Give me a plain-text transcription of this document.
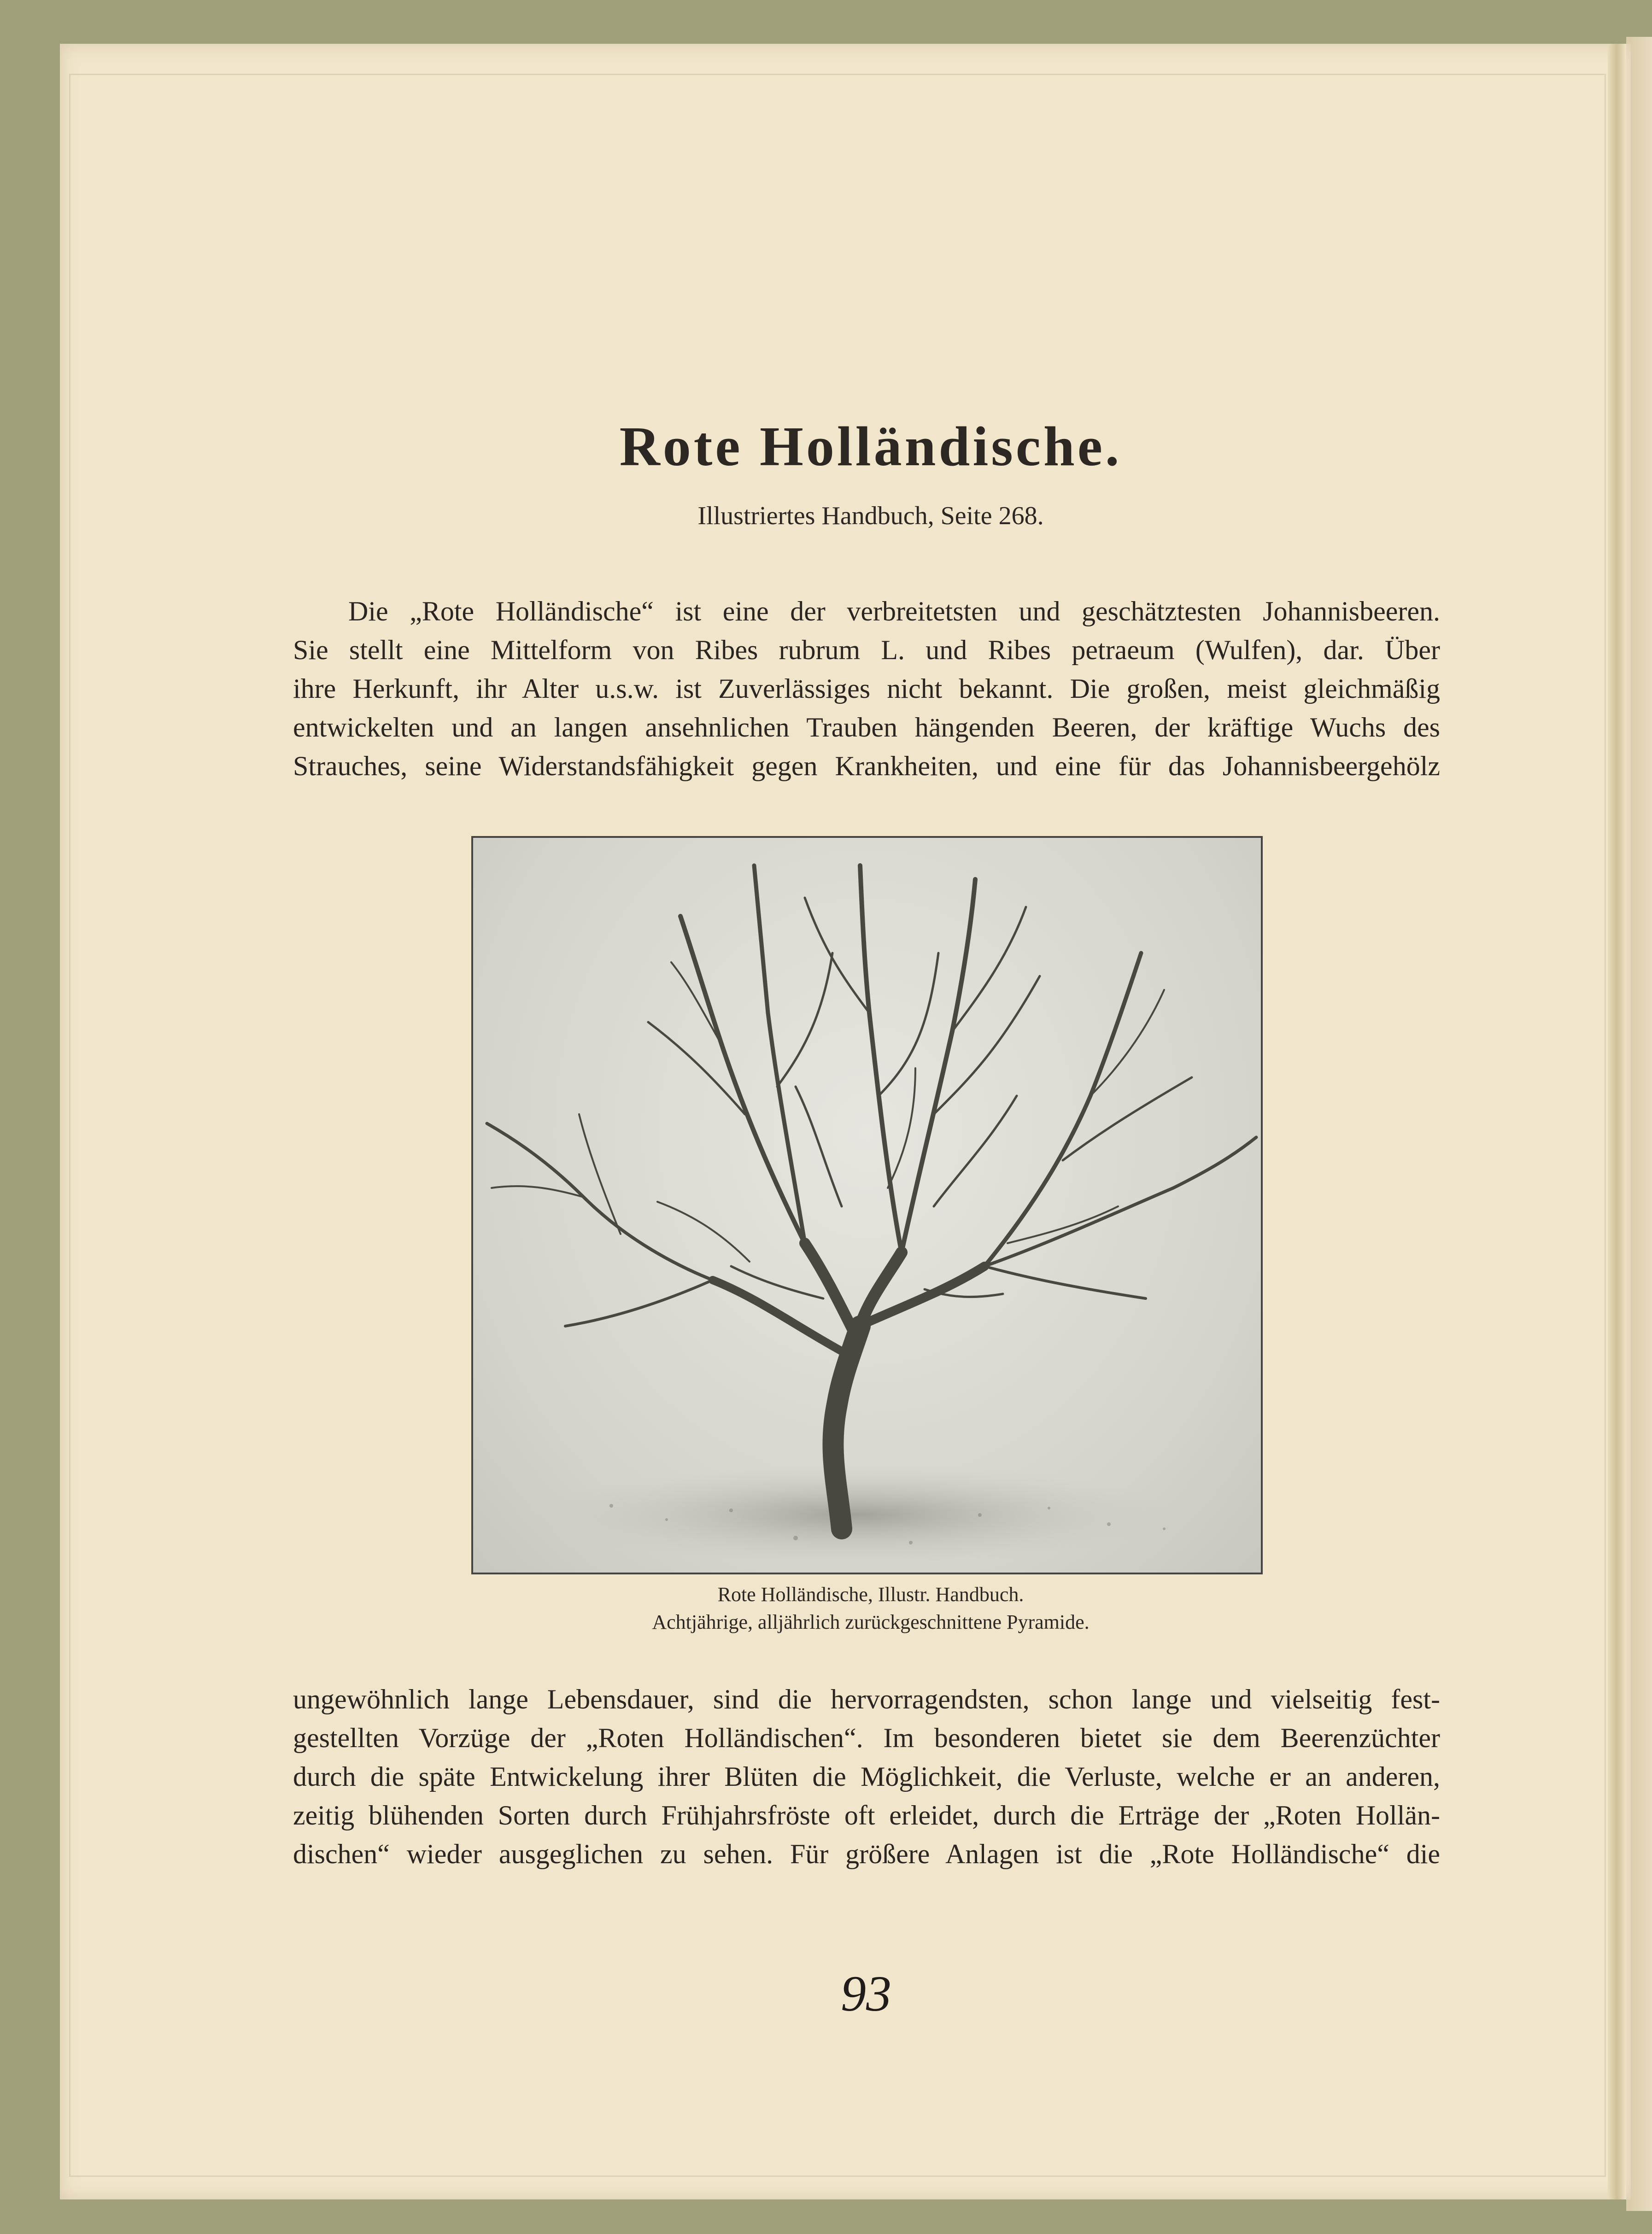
Rote Holländische.
Illustriertes Handbuch, Seite 268.
Die „Rote Holländische“ ist eine der verbreitetsten und geschätztesten Johannisbeeren.
Sie stellt eine Mittelform von Ribes rubrum L. und Ribes petraeum (Wulfen), dar. Über
ihre Herkunft, ihr Alter u.s.w. ist Zuverlässiges nicht bekannt. Die großen, meist gleichmäßig
entwickelten und an langen ansehnlichen Trauben hängenden Beeren, der kräftige Wuchs des
Strauches, seine Widerstandsfähigkeit gegen Krankheiten, und eine für das Johannisbeergehölz
Rote Holländische, Illustr. Handbuch.
Achtjährige, alljährlich zurückgeschnittene Pyramide.
ungewöhnlich lange Lebensdauer, sind die hervorragendsten, schon lange und vielseitig fest-
gestellten Vorzüge der „Roten Holländischen“. Im besonderen bietet sie dem Beerenzüchter
durch die späte Entwickelung ihrer Blüten die Möglichkeit, die Verluste, welche er an anderen,
zeitig blühenden Sorten durch Frühjahrsfröste oft erleidet, durch die Erträge der „Roten Hollän-
dischen“ wieder ausgeglichen zu sehen. Für größere Anlagen ist die „Rote Holländische“ die
93
